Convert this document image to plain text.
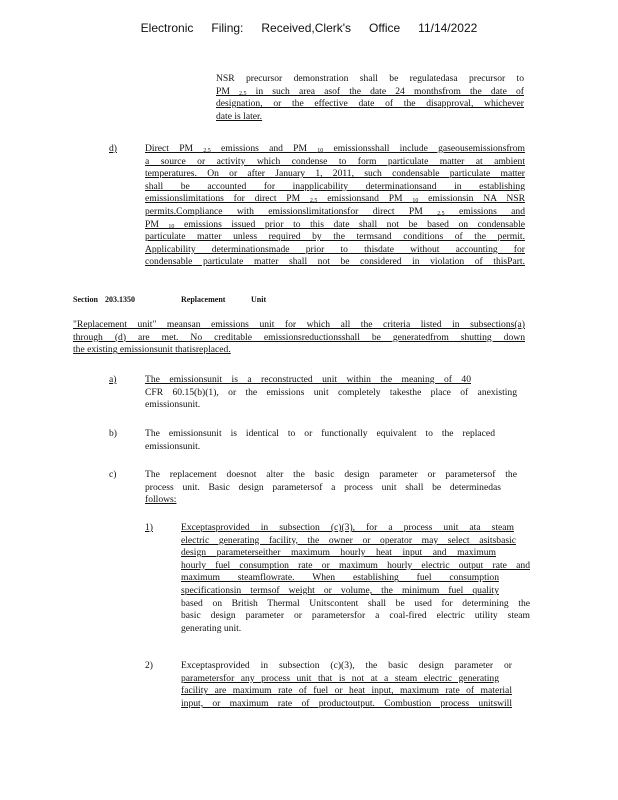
Electronic Filing: Received,Clerk's Office 11/14/2022
NSR precursor demonstration shall be regulatedasa precursor to
PM $_{2.5}$ in such area asof the date 24 monthsfrom the date of
designation, or the effective date of the disapproval, whichever
date is later.
d)	Direct PM $_{2.5}$ emissions and PM $_{10}$ emissionsshall include gaseousemissionsfrom
a source or activity which condense to form particulate matter at ambient
temperatures. On or after January 1, 2011, such condensable particulate matter
shall be accounted for inapplicability determinationsand in establishing
emissionslimitations for direct PM $_{2.5}$ emissionsand PM $_{10}$ emissionsin NA NSR
permits.Compliance with emissionslimitationsfor direct PM $_{2.5}$ emissions and
PM $_{10}$ emissions issued prior to this date shall not be based on condensable
particulate matter unless required by the termsand conditions of the permit.
Applicability determinationsmade prior to thisdate without accounting for
condensable particulate matter shall not be considered in violation of thisPart.
Section 203.1350	Replacement	Unit
"Replacement unit" meansan emissions unit for which all the criteria listed in subsections(a)
through (d) are met. No creditable emissionsreductionsshall be generatedfrom shutting down
the existing emissionsunit thatisreplaced.
a)	The emissionsunit is a reconstructed unit within the meaning of 40
CFR 60.15(b)(1), or the emissions unit completely takesthe place of anexisting
emissionsunit.
b)	The emissionsunit is identical to or functionally equivalent to the replaced
emissionsunit.
c)	The replacement doesnot alter the basic design parameter or parametersof the
process unit. Basic design parametersof a process unit shall be determinedas
follows:
1)	Exceptasprovided in subsection (c)(3), for a process unit ata steam
electric generating facility, the owner or operator may select asitsbasic
design parameterseither maximum hourly heat input and maximum
hourly fuel consumption rate or maximum hourly electric output rate and
maximum steamflowrate. When establishing fuel consumption
specificationsin termsof weight or volume, the minimum fuel quality
based on British Thermal Unitscontent shall be used for determining the
basic design parameter or parametersfor a coal-fired electric utility steam
generating unit.
2)	Exceptasprovided in subsection (c)(3), the basic design parameter or
parametersfor any process unit that is not at a steam electric generating
facility are maximum rate of fuel or heat input, maximum rate of material
input, or maximum rate of productoutput. Combustion process unitswill
